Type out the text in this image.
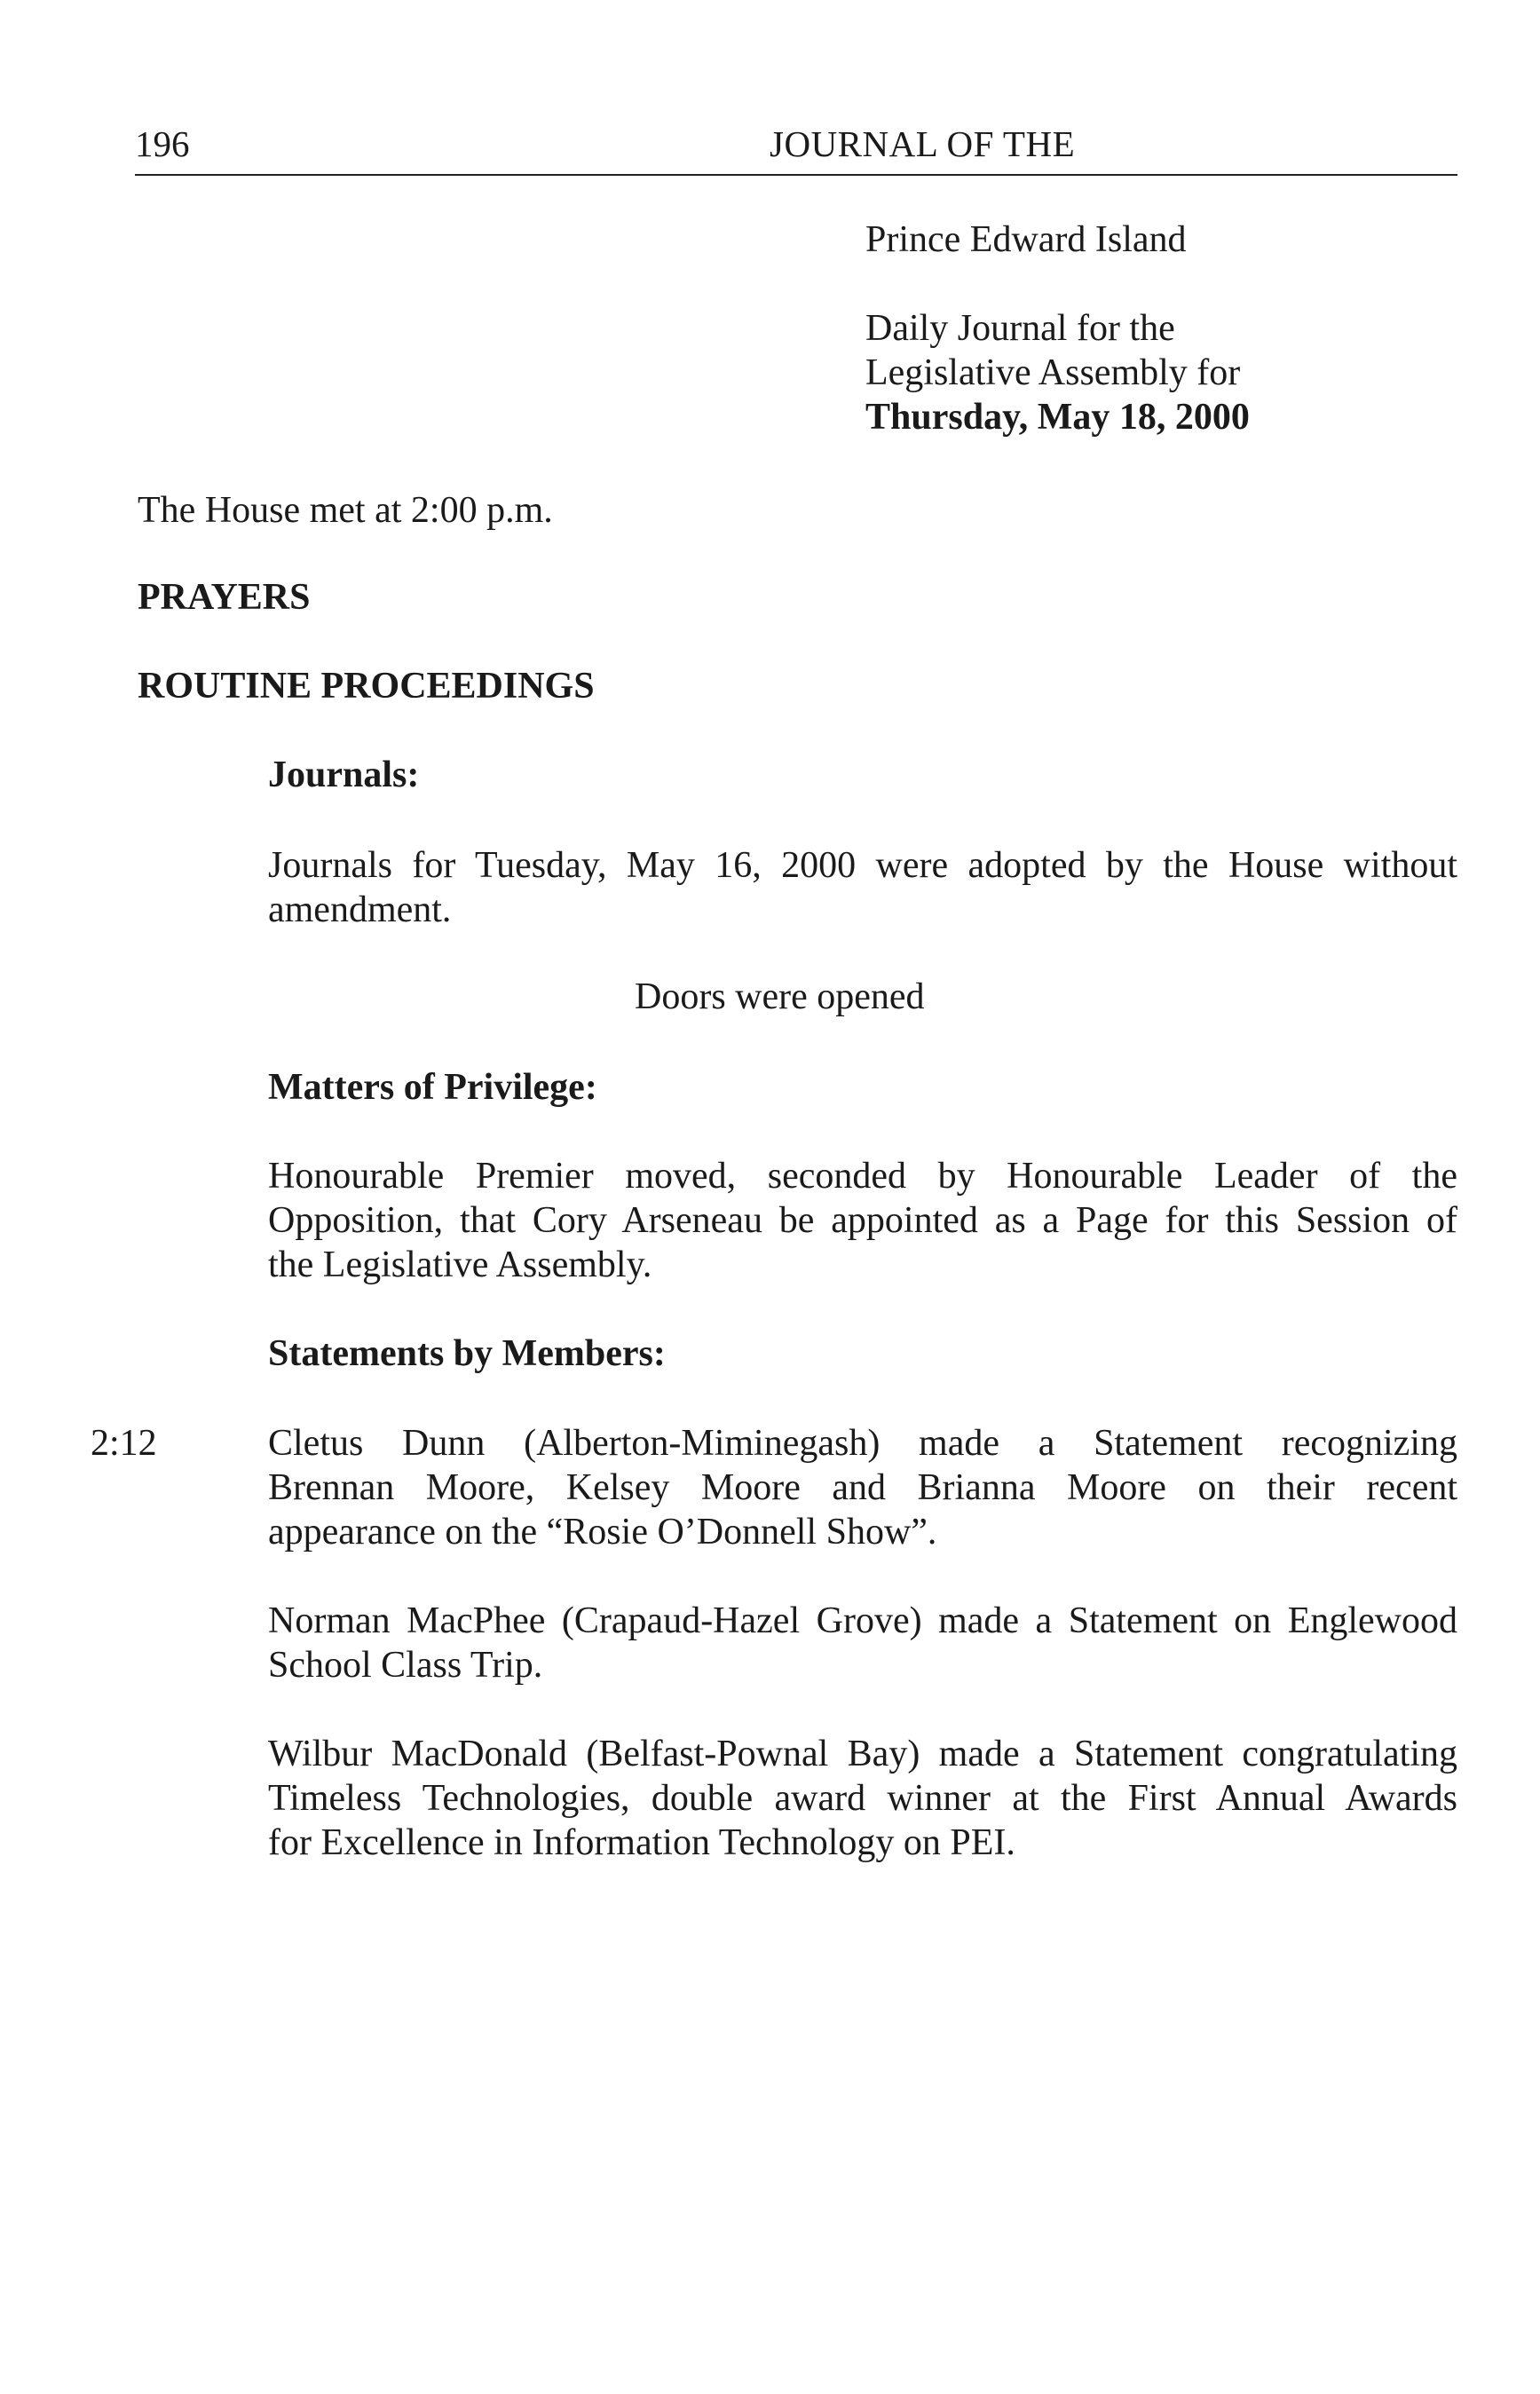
196	JOURNAL OF THE
Prince Edward Island
Daily Journal for the
Legislative Assembly for
Thursday, May 18, 2000
The House met at 2:00 p.m.
PRAYERS
ROUTINE PROCEEDINGS
Journals:
Journals for Tuesday, May 16, 2000 were adopted by the House without
amendment.
Doors were opened
Matters of Privilege:
Honourable Premier moved, seconded by Honourable Leader of the
Opposition, that Cory Arseneau be appointed as a Page for this Session of
the Legislative Assembly.
Statements by Members:
2:12	Cletus Dunn (Alberton-Miminegash) made a Statement recognizing
Brennan Moore, Kelsey Moore and Brianna Moore on their recent
appearance on the “Rosie O’Donnell Show”.
Norman MacPhee (Crapaud-Hazel Grove) made a Statement on Englewood
School Class Trip.
Wilbur MacDonald (Belfast-Pownal Bay) made a Statement congratulating
Timeless Technologies, double award winner at the First Annual Awards
for Excellence in Information Technology on PEI.
